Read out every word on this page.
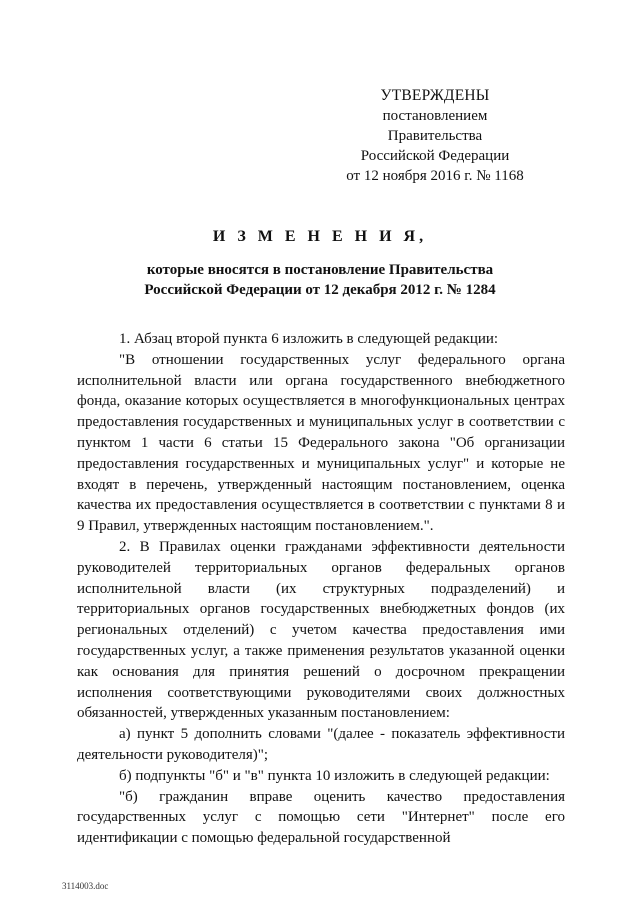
УТВЕРЖДЕНЫ
постановлением Правительства
Российской Федерации
от 12 ноября 2016 г. № 1168
И З М Е Н Е Н И Я,
которые вносятся в постановление Правительства
Российской Федерации от 12 декабря 2012 г. № 1284

1. Абзац второй пункта 6 изложить в следующей редакции:

"В отношении государственных услуг федерального органа исполнительной власти или органа государственного внебюджетного фонда, оказание которых осуществляется в многофункциональных центрах предоставления государственных и муниципальных услуг в соответствии с пунктом 1 части 6 статьи 15 Федерального закона "Об организации предоставления государственных и муниципальных услуг" и которые не входят в перечень, утвержденный настоящим постановлением, оценка качества их предоставления осуществляется в соответствии с пунктами 8 и 9 Правил, утвержденных настоящим постановлением.".

2. В Правилах оценки гражданами эффективности деятельности руководителей территориальных органов федеральных органов исполнительной власти (их структурных подразделений) и территориальных органов государственных внебюджетных фондов (их региональных отделений) с учетом качества предоставления ими государственных услуг, а также применения результатов указанной оценки как основания для принятия решений о досрочном прекращении исполнения соответствующими руководителями своих должностных обязанностей, утвержденных указанным постановлением:

а) пункт 5 дополнить словами "(далее - показатель эффективности деятельности руководителя)";

б) подпункты "б" и "в" пункта 10 изложить в следующей редакции:

"б) гражданин вправе оценить качество предоставления государственных услуг с помощью сети "Интернет" после его идентификации с помощью федеральной государственной

3114003.doc
